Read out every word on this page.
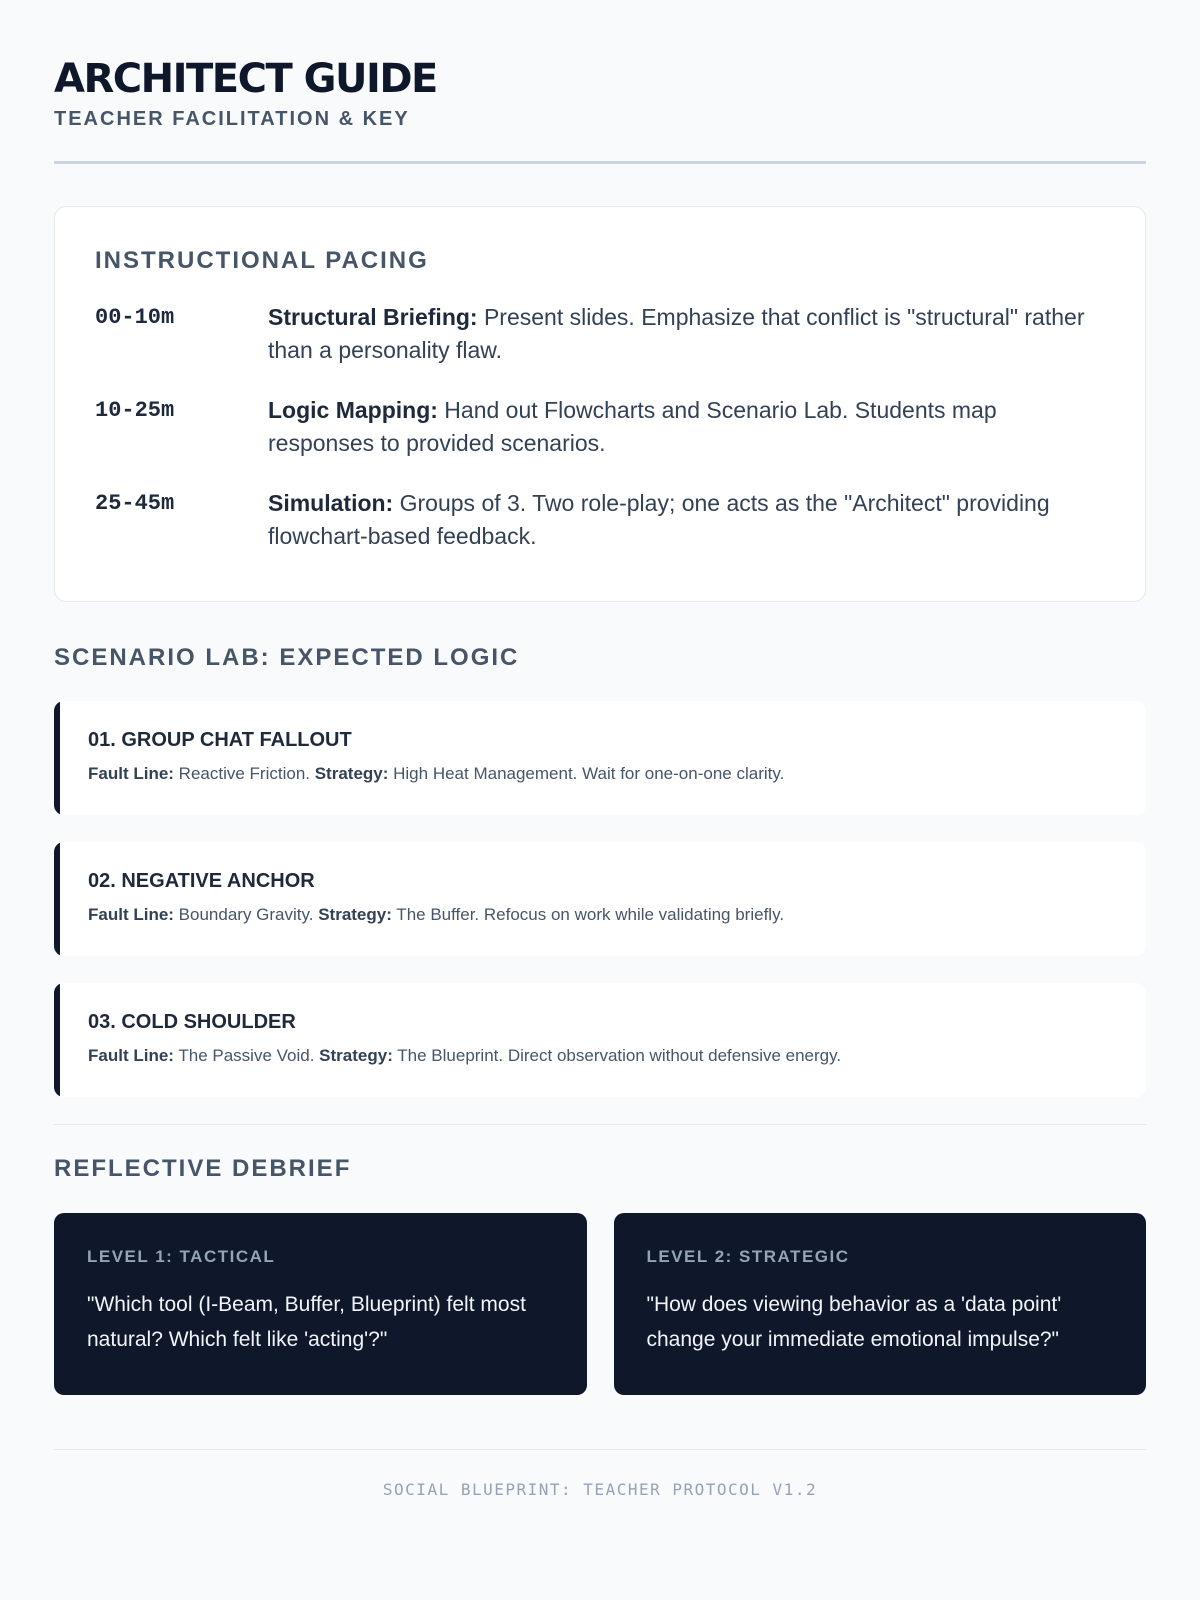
ARCHITECT GUIDE
TEACHER FACILITATION & KEY
INSTRUCTIONAL PACING
00-10m	Structural Briefing: Present slides. Emphasize that conflict is "structural" rather than a personality flaw.
10-25m	Logic Mapping: Hand out Flowcharts and Scenario Lab. Students map responses to provided scenarios.
25-45m	Simulation: Groups of 3. Two role-play; one acts as the "Architect" providing flowchart-based feedback.
SCENARIO LAB: EXPECTED LOGIC
01. GROUP CHAT FALLOUT
Fault Line: Reactive Friction. Strategy: High Heat Management. Wait for one-on-one clarity.
02. NEGATIVE ANCHOR
Fault Line: Boundary Gravity. Strategy: The Buffer. Refocus on work while validating briefly.
03. COLD SHOULDER
Fault Line: The Passive Void. Strategy: The Blueprint. Direct observation without defensive energy.
REFLECTIVE DEBRIEF
LEVEL 1: TACTICAL
"Which tool (I-Beam, Buffer, Blueprint) felt most natural? Which felt like 'acting'?"
LEVEL 2: STRATEGIC
"How does viewing behavior as a 'data point' change your immediate emotional impulse?"
SOCIAL BLUEPRINT: TEACHER PROTOCOL V1.2
